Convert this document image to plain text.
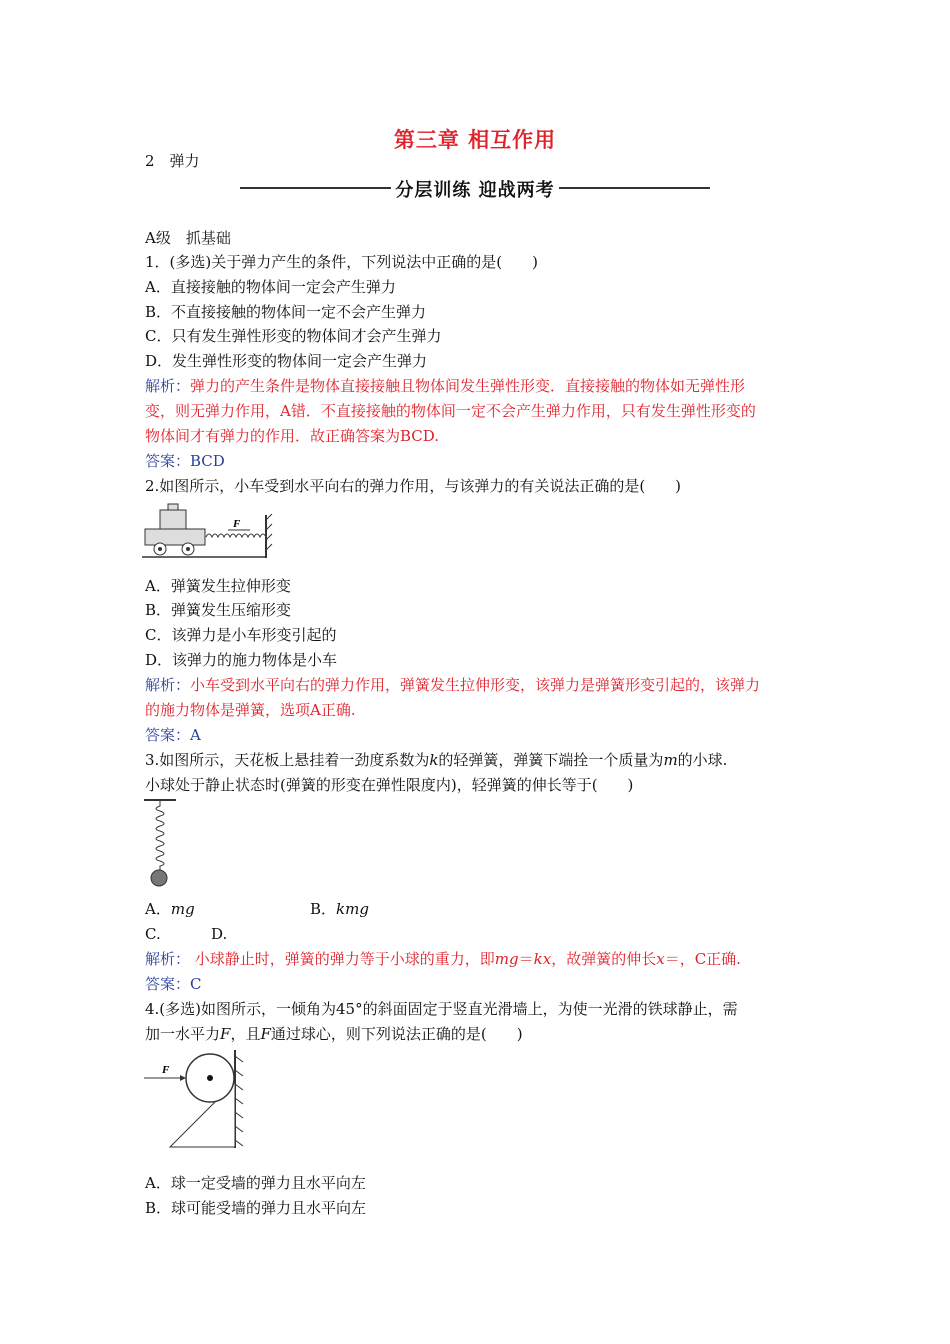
第三章 相互作用
2　弹力
分层训练 迎战两考
A级　抓基础
1．(多选)关于弹力产生的条件，下列说法中正确的是(　　)
A．直接接触的物体间一定会产生弹力
B．不直接接触的物体间一定不会产生弹力
C．只有发生弹性形变的物体间才会产生弹力
D．发生弹性形变的物体间一定会产生弹力
解析：弹力的产生条件是物体直接接触且物体间发生弹性形变．直接接触的物体如无弹性形
变，则无弹力作用，A错．不直接接触的物体间一定不会产生弹力作用，只有发生弹性形变的
物体间才有弹力的作用．故正确答案为BCD.
答案：BCD
2.如图所示，小车受到水平向右的弹力作用，与该弹力的有关说法正确的是(　　)
F
A．弹簧发生拉伸形变
B．弹簧发生压缩形变
C．该弹力是小车形变引起的
D．该弹力的施力物体是小车
解析：小车受到水平向右的弹力作用，弹簧发生拉伸形变，该弹力是弹簧形变引起的，该弹力
的施力物体是弹簧，选项A正确.
答案：A
3.如图所示，天花板上悬挂着一劲度系数为k的轻弹簧，弹簧下端拴一个质量为m的小球.
小球处于静止状态时(弹簧的形变在弹性限度内)，轻弹簧的伸长等于(　　)
A．mg	B．kmg
C.	D.
解析： 小球静止时，弹簧的弹力等于小球的重力，即mg＝kx，故弹簧的伸长x＝，C正确.
答案：C
4.(多选)如图所示，一倾角为45°的斜面固定于竖直光滑墙上，为使一光滑的铁球静止，需
加一水平力F，且F通过球心，则下列说法正确的是(　　)
F
A．球一定受墙的弹力且水平向左
B．球可能受墙的弹力且水平向左
